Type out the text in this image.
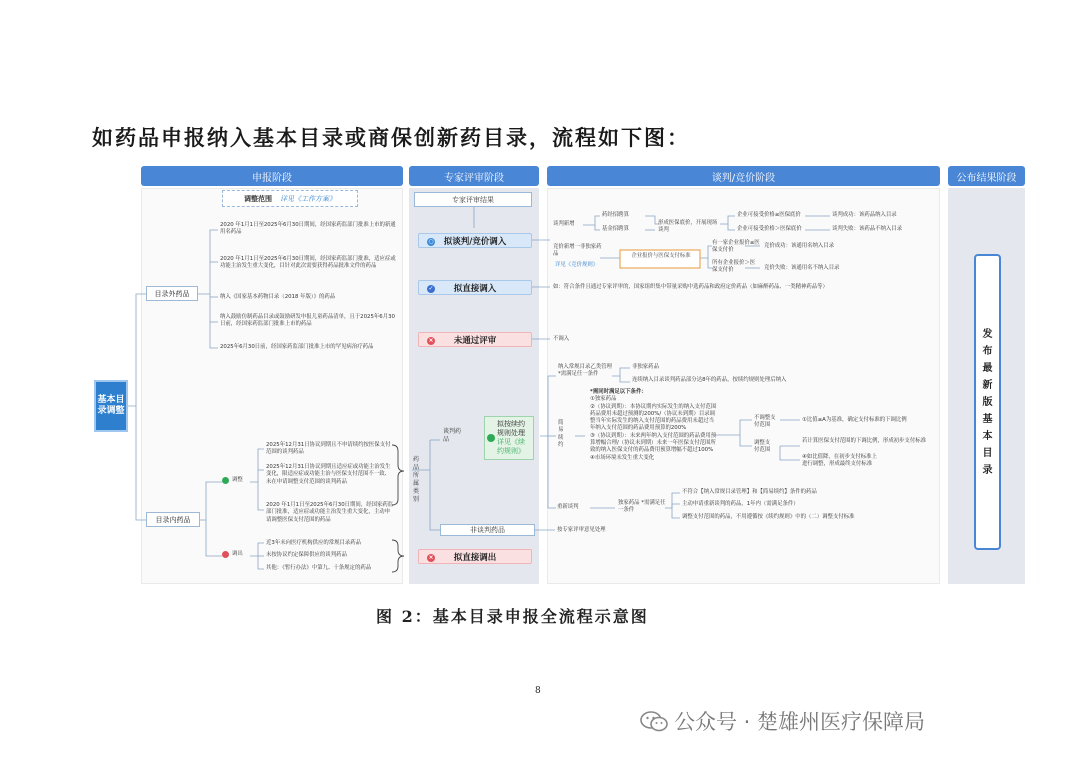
如药品申报纳入基本目录或商保创新药目录，流程如下图：
申报阶段	专家评审阶段	谈判/竞价阶段	公布结果阶段
调整范围 详见《工作方案》
基本目录调整
目录外药品
目录内药品
2020 年1月1日至2025年6月30日期间，经国家药监部门批准上市的新通用名药品
2020 年1月1日至2025年6月30日期间，经国家药监部门批准，适应症或功能主治发生重大变化，目针对此次需要获得药品批准文件的药品
纳入《国家基本药物目录（2018 年版）》的药品
纳入鼓励仿制药品目录或鼓励研发申报儿童药品清单，且于2025年6月30日前，经国家药监部门批准上市的药品
2025年6月30日前，经国家药监部门批准上市的罕见病治疗药品
调整
调出
2025年12月31日协议到期且不申请续约按医保支付范围的谈判药品
2025年12月31日协议到期且适应症或功能主治发生变化，限适应症或功能主治与医保支付范围不一致、未在申请调整支付范围的谈判药品
2020 年1月1日至2025年6月30日期间，经国家药监部门批准，适应症或功能主治发生重大变化，主动申请调整医保支付范围的药品
近3年未向医疗机构供应的常规目录药品
未按协议约定保障供应的谈判药品
其他：《暂行办法》中第九、十条规定的药品
专家评审结果
○ 拟谈判/竞价调入
✓ 拟直接调入
× 未通过评审
药品所属类别
谈判药品
拟按续约规则处理 详见《续约规则》
非谈判药品
× 拟直接调出
谈判新增
药经招聘算
基金招聘算
形成医保底价，开展现场谈判
企业可接受价格≤医保底价
企业可接受价格＞医保底价
谈判成功：该药品纳入目录
谈判失败：该药品不纳入目录
竞价新增一非独家药品
详见《竞价规则》
企业报价与医保支付标准
有一家企业报价≤医保支付价
所有企业报价＞医保支付价
竞价成功：该通用名纳入目录
竞价失败：该通用名不纳入目录
如：符合条件且通过专家评审的，国家组织集中带量采购中选药品和政府定价药品（如麻醉药品、一类精神药品等）
不调入
纳入常规目录乙类管理 *需满足任一条件
非独家药品
连续纳入目录谈判药品部分达8年的药品，按续约规则处理后纳入
简易续约
*需同时满足以下条件：
①独家药品
②（协议到期）：本协议期内实际发生的纳入支付范围药品费用未超过预测的200%/（协议未到期）目录调整当年实际发生的纳入支付范围的药品费用未超过当年纳入支付范围的药品费用预算的200%
③（协议到期）：未来两年纳入支付范围的药品费用预算增幅合理/（协议未到期）未来一年医保支付范围所致的纳入医保支付的药品费用预算增幅不超过100%
④市场环境未发生重大变化
不调整支付范围
调整支付范围
①比值≤A为基准，确定支付标准的下调比例
若计算医保支付范围的下调比例，形成初步支付标准
④如比值降，在初步支付标准上进行调整，形成最终支付标准
重新谈判
独家药品 *需满足任一条件
不符合【纳入常规目录管理】和【简易续约】条件的药品
主动申请重新谈判的药品，1年内（需满足条件）
调整支付范围的药品，不用遵循按《续约规则》中的（二）调整支付标准
按专家评审意见处理
发布最新版基本目录
图 2：基本目录申报全流程示意图
8
公众号 · 楚雄州医疗保障局
